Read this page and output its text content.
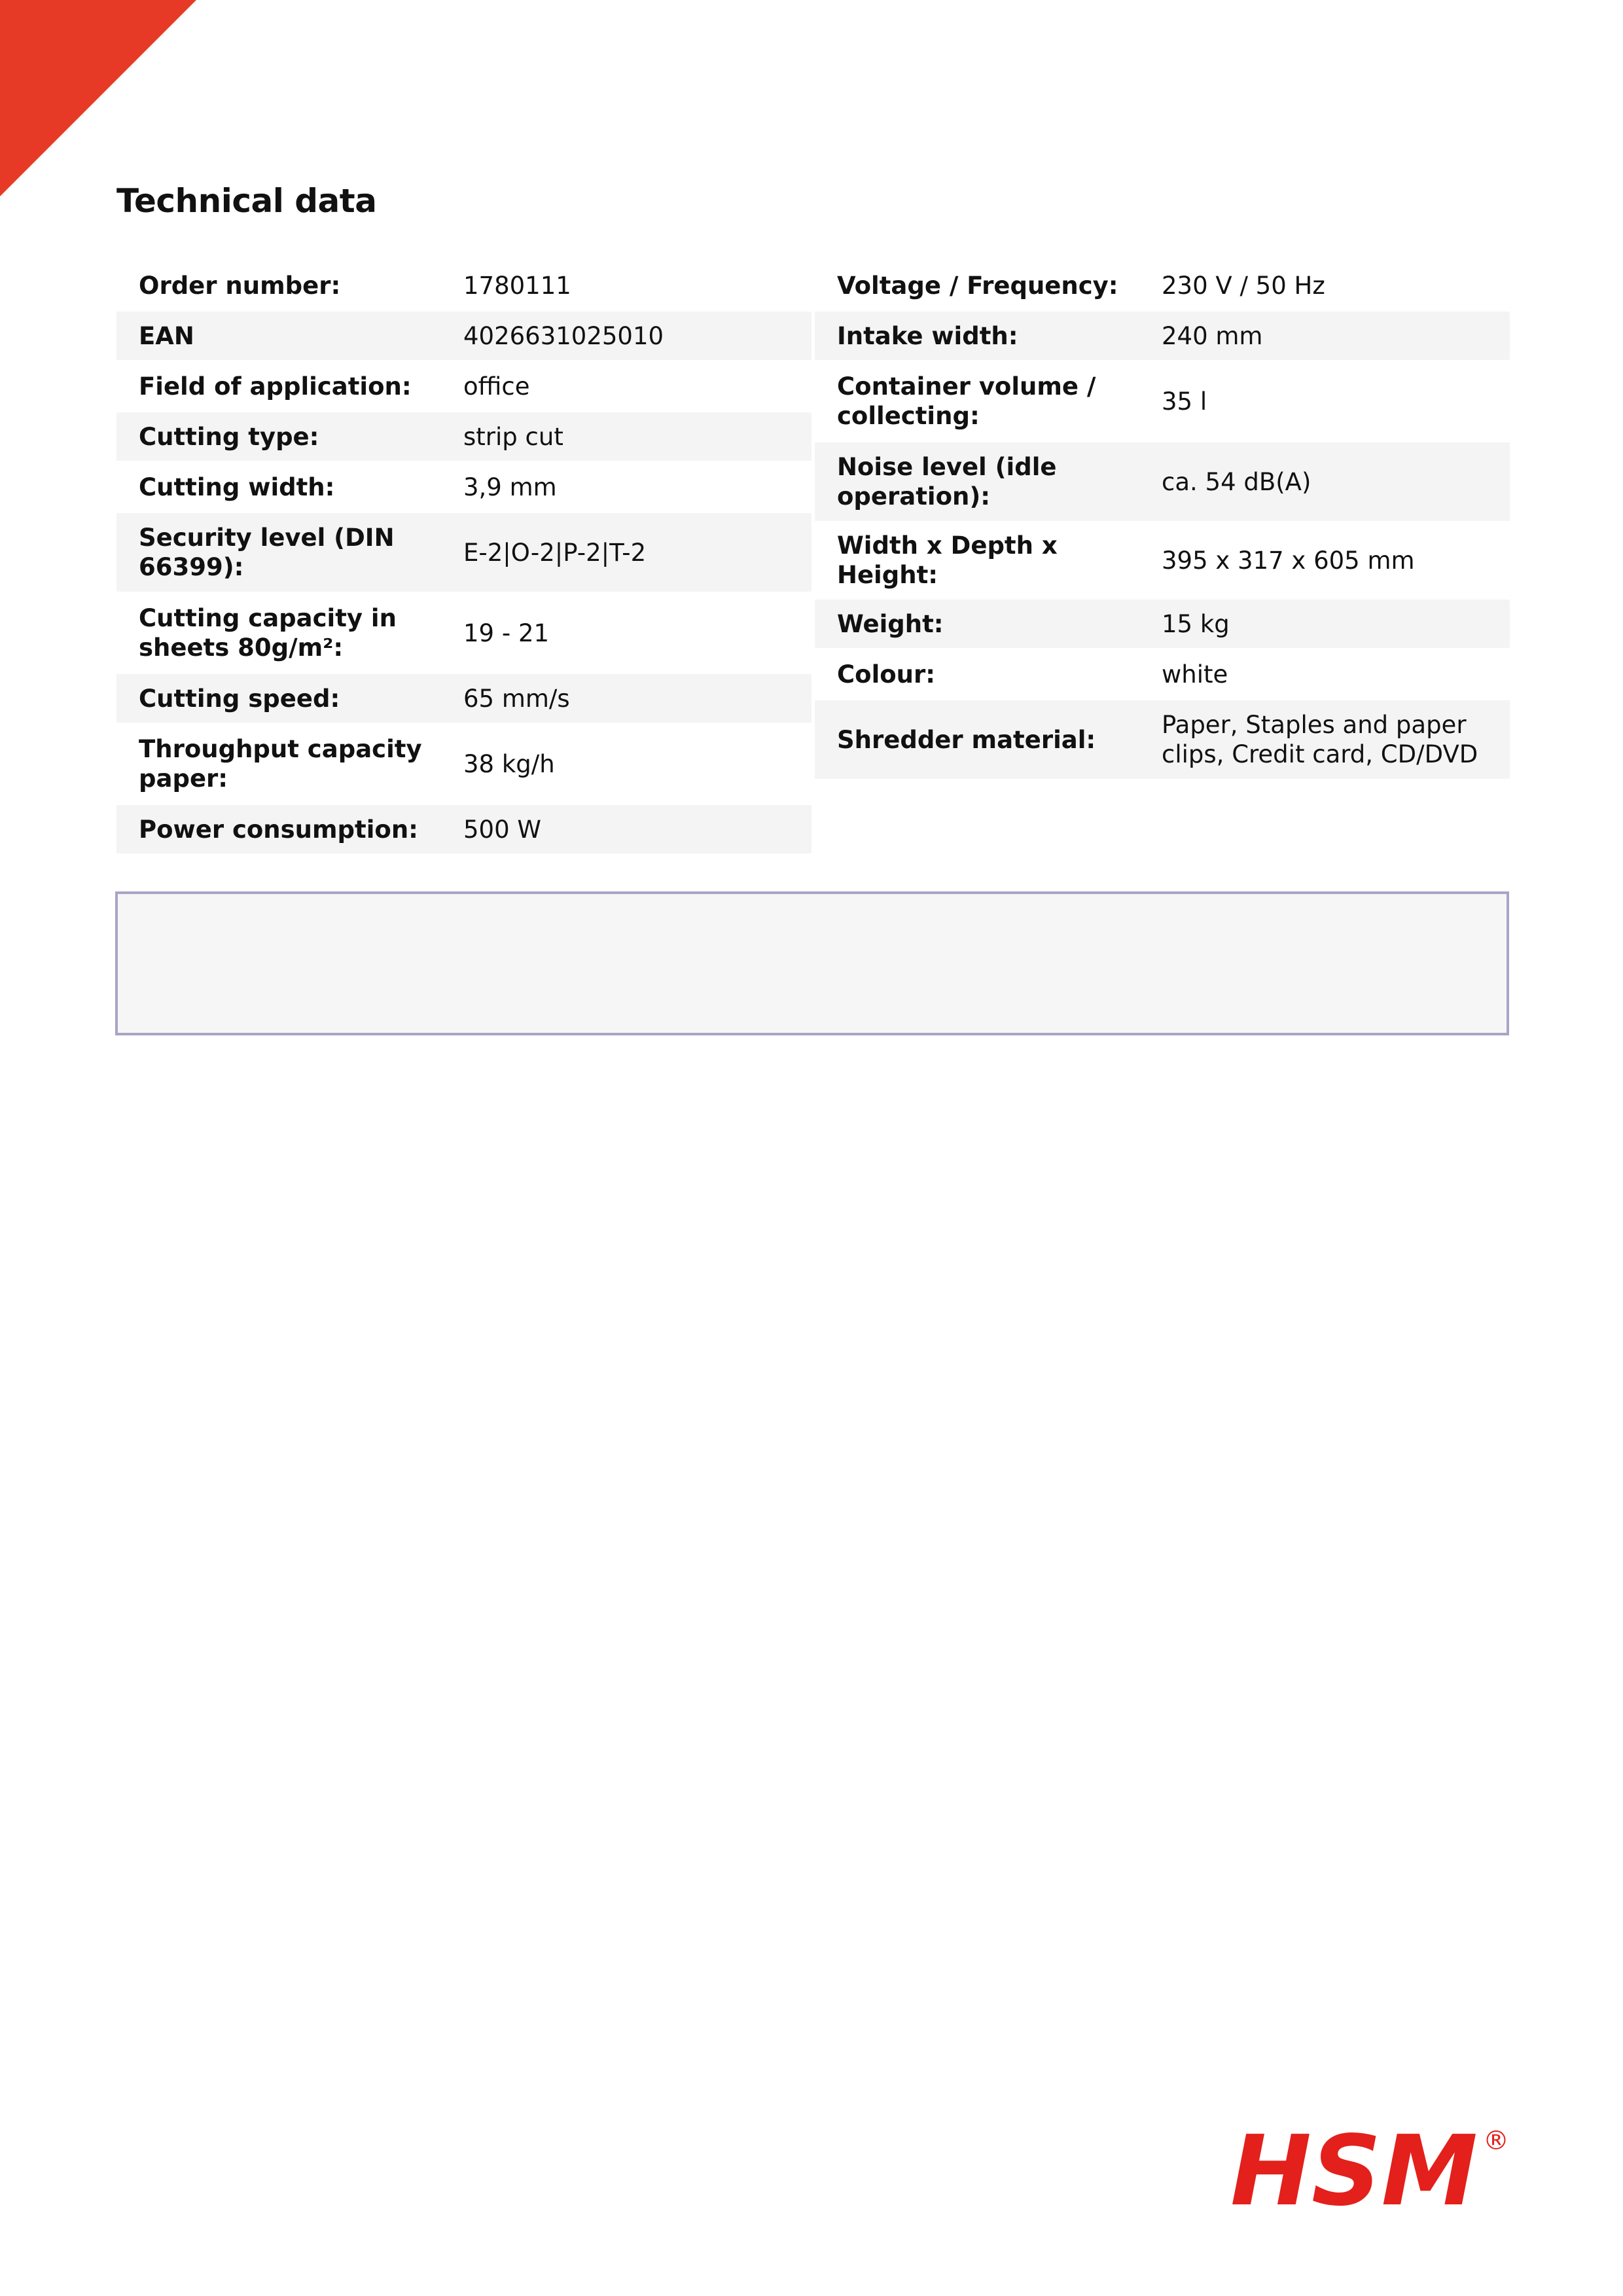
Technical data
Order number:	1780111
EAN	4026631025010
Field of application:	office
Cutting type:	strip cut
Cutting width:	3,9 mm
Security level (DIN 66399):
E-2|O-2|P-2|T-2
Cutting capacity in sheets 80g/m²:
19 - 21
Cutting speed:	65 mm/s
Throughput capacity paper:
38 kg/h
Power consumption:	500 W
Voltage / Frequency:	230 V / 50 Hz
Intake width:	240 mm
Container volume / collecting:
35 l
Noise level (idle operation):
ca. 54 dB(A)
Width x Depth x Height:
395 x 317 x 605 mm
Weight:	15 kg
Colour:	white
Shredder material:
Paper, Staples and paper clips, Credit card, CD/DVD
HSM ®
